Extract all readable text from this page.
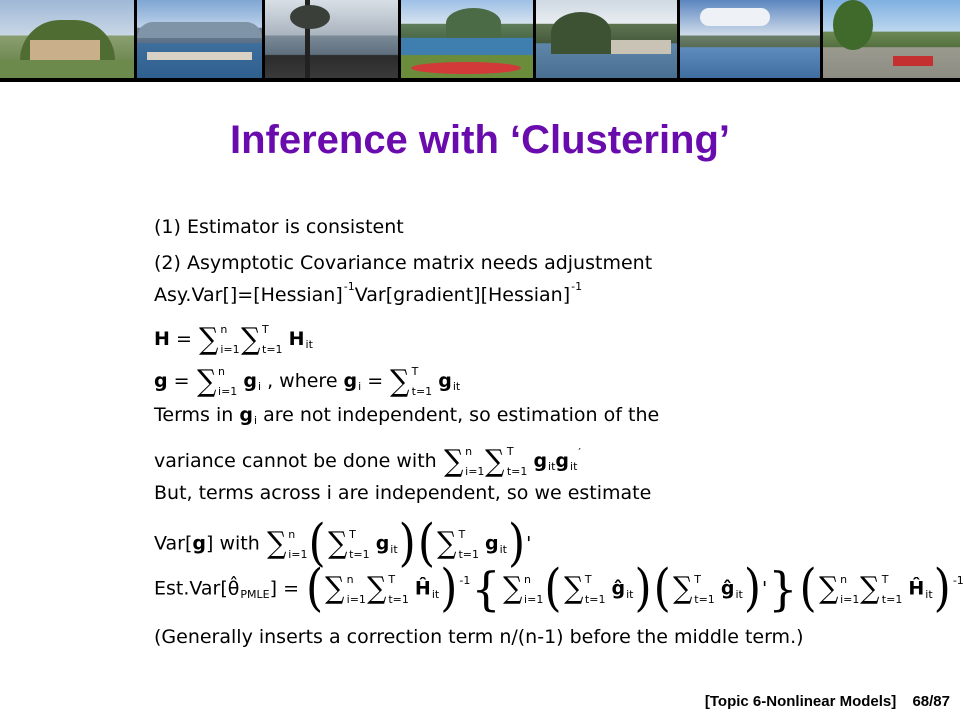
Inference with ‘Clustering’
(1) Estimator is consistent
(2) Asymptotic Covariance matrix needs adjustment
Asy.Var[]=[Hessian]$^{-1}$Var[gradient][Hessian]$^{-1}$
H = ∑ n
i=1 ∑ T
t=1 $H_{it}$
g = ∑ n
i=1 $g_i$ , where $g_i$ = ∑ T
t=1 $g_{it}$
Terms in $g_i$ are not independent, so estimation of the
variance cannot be done with ∑ n
i=1 ∑ T
t=1 $g_{it}g_{it}'$
But, terms across i are independent, so we estimate
Var[g] with ∑ n
i=1 (∑ T
t=1 $g_{it})(\sum$ T
t=1 $g_{it})'$
$Est.Var[\thetâ_{PMLE}]$ = (∑ n
i=1 ∑ T
t=1 $Ĥ_{it}$) $^{-1}${∑ n
i=1 (∑ T
t=1 $ĝ_{it})(\sum$ T
t=1 $ĝ_{it})'\}(\sum$ n
i=1 ∑ T
t=1 $Ĥ_{it}$) $^{-1}$
(Generally inserts a correction term n/(n-1) before the middle term.)
[Topic 6-Nonlinear Models] 68/87
